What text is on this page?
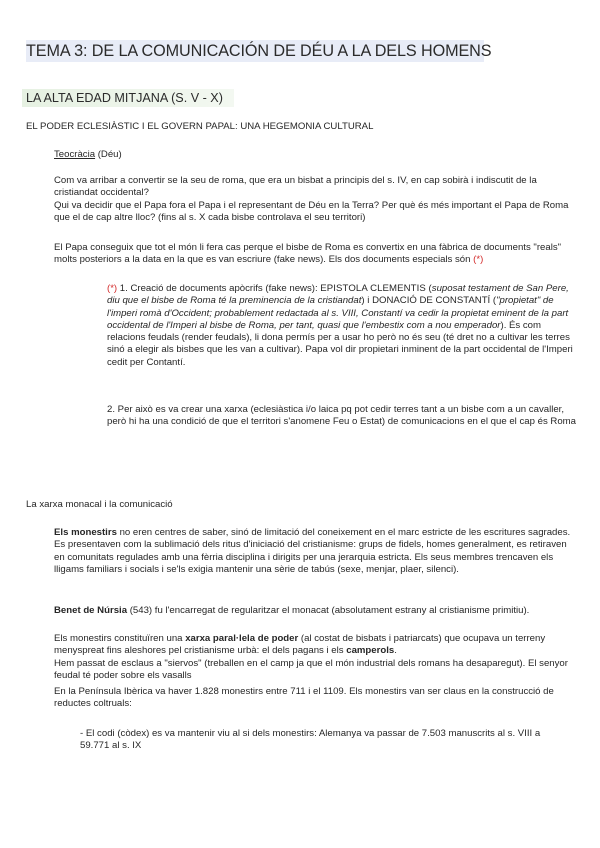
TEMA 3: DE LA COMUNICACIÓN DE DÉU A LA DELS HOMENS
LA ALTA EDAD MITJANA (S. V - X)
EL PODER ECLESIÀSTIC I EL GOVERN PAPAL: UNA HEGEMONIA CULTURAL
Teocràcia (Déu)
Com va arribar a convertir se la seu de roma, que era un bisbat a principis del s. IV, en cap sobirà i indiscutit de la cristiandat occidental?
Qui va decidir que el Papa fora el Papa i el representant de Déu en la Terra? Per què és més important el Papa de Roma que el de cap altre lloc? (fins al s. X cada bisbe controlava el seu territori)
El Papa conseguix que tot el món li fera cas perque el bisbe de Roma es convertix en una fàbrica de documents "reals" molts posteriors a la data en la que es van escriure (fake news). Els dos documents especials són (*)
(*) 1. Creació de documents apòcrifs (fake news): EPISTOLA CLEMENTIS (suposat testament de San Pere, diu que el bisbe de Roma té la preminencia de la cristiandat) i DONACIÓ DE CONSTANTÍ ("propietat" de l'imperi romà d'Occident; probablement redactada al s. VIII, Constantí va cedir la propietat eminent de la part occidental de l'Imperi al bisbe de Roma, per tant, quasi que l'embestix com a nou emperador). És com relacions feudals (render feudals), li dona permís per a usar ho però no és seu (té dret no a cultivar les terres sinó a elegir als bisbes que les van a cultivar). Papa vol dir propietari inminent de la part occidental de l'Imperi cedit per Contantí.
2. Per això es va crear una xarxa (eclesiàstica i/o laica pq pot cedir terres tant a un bisbe com a un cavaller, però hi ha una condició de que el territori s'anomene Feu o Estat) de comunicacions en el que el cap és Roma
La xarxa monacal i la comunicació
Els monestirs no eren centres de saber, sinó de limitació del coneixement en el marc estricte de les escritures sagrades. Es presentaven com la sublimació dels ritus d'iniciació del cristianisme: grups de fidels, homes generalment, es retiraven en comunitats regulades amb una fèrria disciplina i dirigits per una jerarquia estricta. Els seus membres trencaven els lligams familiars i socials i se'ls exigia mantenir una sèrie de tabús (sexe, menjar, plaer, silenci).
Benet de Núrsia (543) fu l'encarregat de regularitzar el monacat (absolutament estrany al cristianisme primitiu).
Els monestirs constituïren una xarxa paral·lela de poder (al costat de bisbats i patriarcats) que ocupava un terreny menyspreat fins aleshores pel cristianisme urbà: el dels pagans i els camperols.
Hem passat de esclaus a "siervos" (treballen en el camp ja que el món industrial dels romans ha desaparegut). El senyor feudal té poder sobre els vasalls
En la Península Ibèrica va haver 1.828 monestirs entre 711 i el 1109. Els monestirs van ser claus en la construcció de reductes coltruals:
- El codi (còdex) es va mantenir viu al si dels monestirs: Alemanya va passar de 7.503 manuscrits al s. VIII a 59.771 al s. IX
